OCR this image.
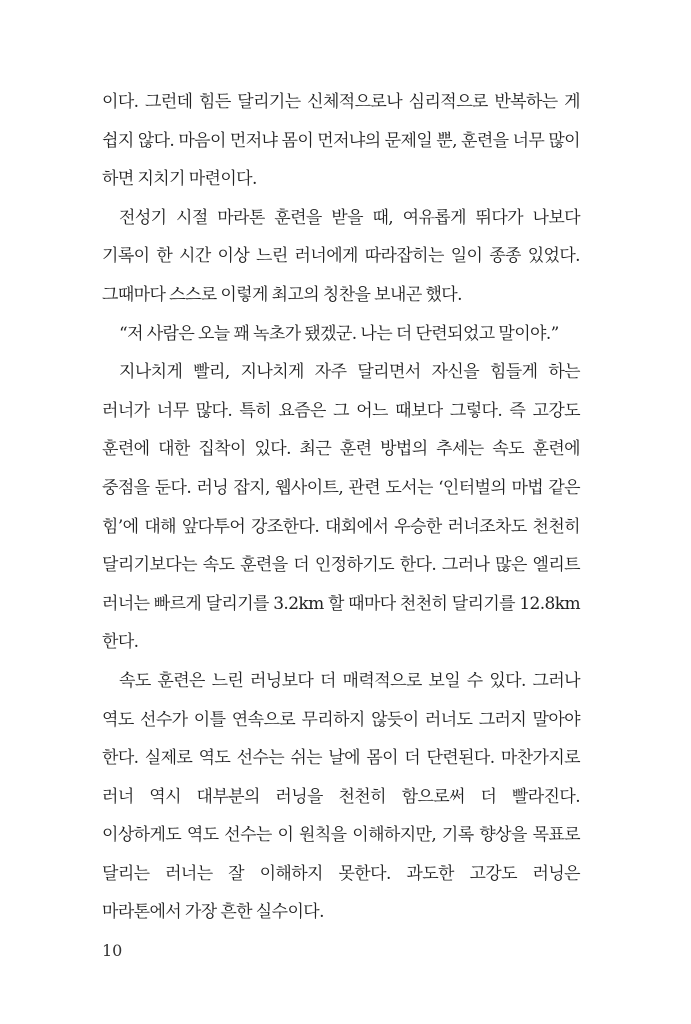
이다. 그런데 힘든 달리기는 신체적으로나 심리적으로 반복하는 게 쉽지 않다. 마음이 먼저냐 몸이 먼저냐의 문제일 뿐, 훈련을 너무 많이 하면 지치기 마련이다.

전성기 시절 마라톤 훈련을 받을 때, 여유롭게 뛰다가 나보다 기록이 한 시간 이상 느린 러너에게 따라잡히는 일이 종종 있었다. 그때마다 스스로 이렇게 최고의 칭찬을 보내곤 했다.

“저 사람은 오늘 꽤 녹초가 됐겠군. 나는 더 단련되었고 말이야.”

지나치게 빨리, 지나치게 자주 달리면서 자신을 힘들게 하는 러너가 너무 많다. 특히 요즘은 그 어느 때보다 그렇다. 즉 고강도 훈련에 대한 집착이 있다. 최근 훈련 방법의 추세는 속도 훈련에 중점을 둔다. 러닝 잡지, 웹사이트, 관련 도서는 ‘인터벌의 마법 같은 힘’에 대해 앞다투어 강조한다. 대회에서 우승한 러너조차도 천천히 달리기보다는 속도 훈련을 더 인정하기도 한다. 그러나 많은 엘리트 러너는 빠르게 달리기를 3.2km 할 때마다 천천히 달리기를 12.8km 한다.

속도 훈련은 느린 러닝보다 더 매력적으로 보일 수 있다. 그러나 역도 선수가 이틀 연속으로 무리하지 않듯이 러너도 그러지 말아야 한다. 실제로 역도 선수는 쉬는 날에 몸이 더 단련된다. 마찬가지로 러너 역시 대부분의 러닝을 천천히 함으로써 더 빨라진다. 이상하게도 역도 선수는 이 원칙을 이해하지만, 기록 향상을 목표로 달리는 러너는 잘 이해하지 못한다. 과도한 고강도 러닝은 마라톤에서 가장 흔한 실수이다.

10
